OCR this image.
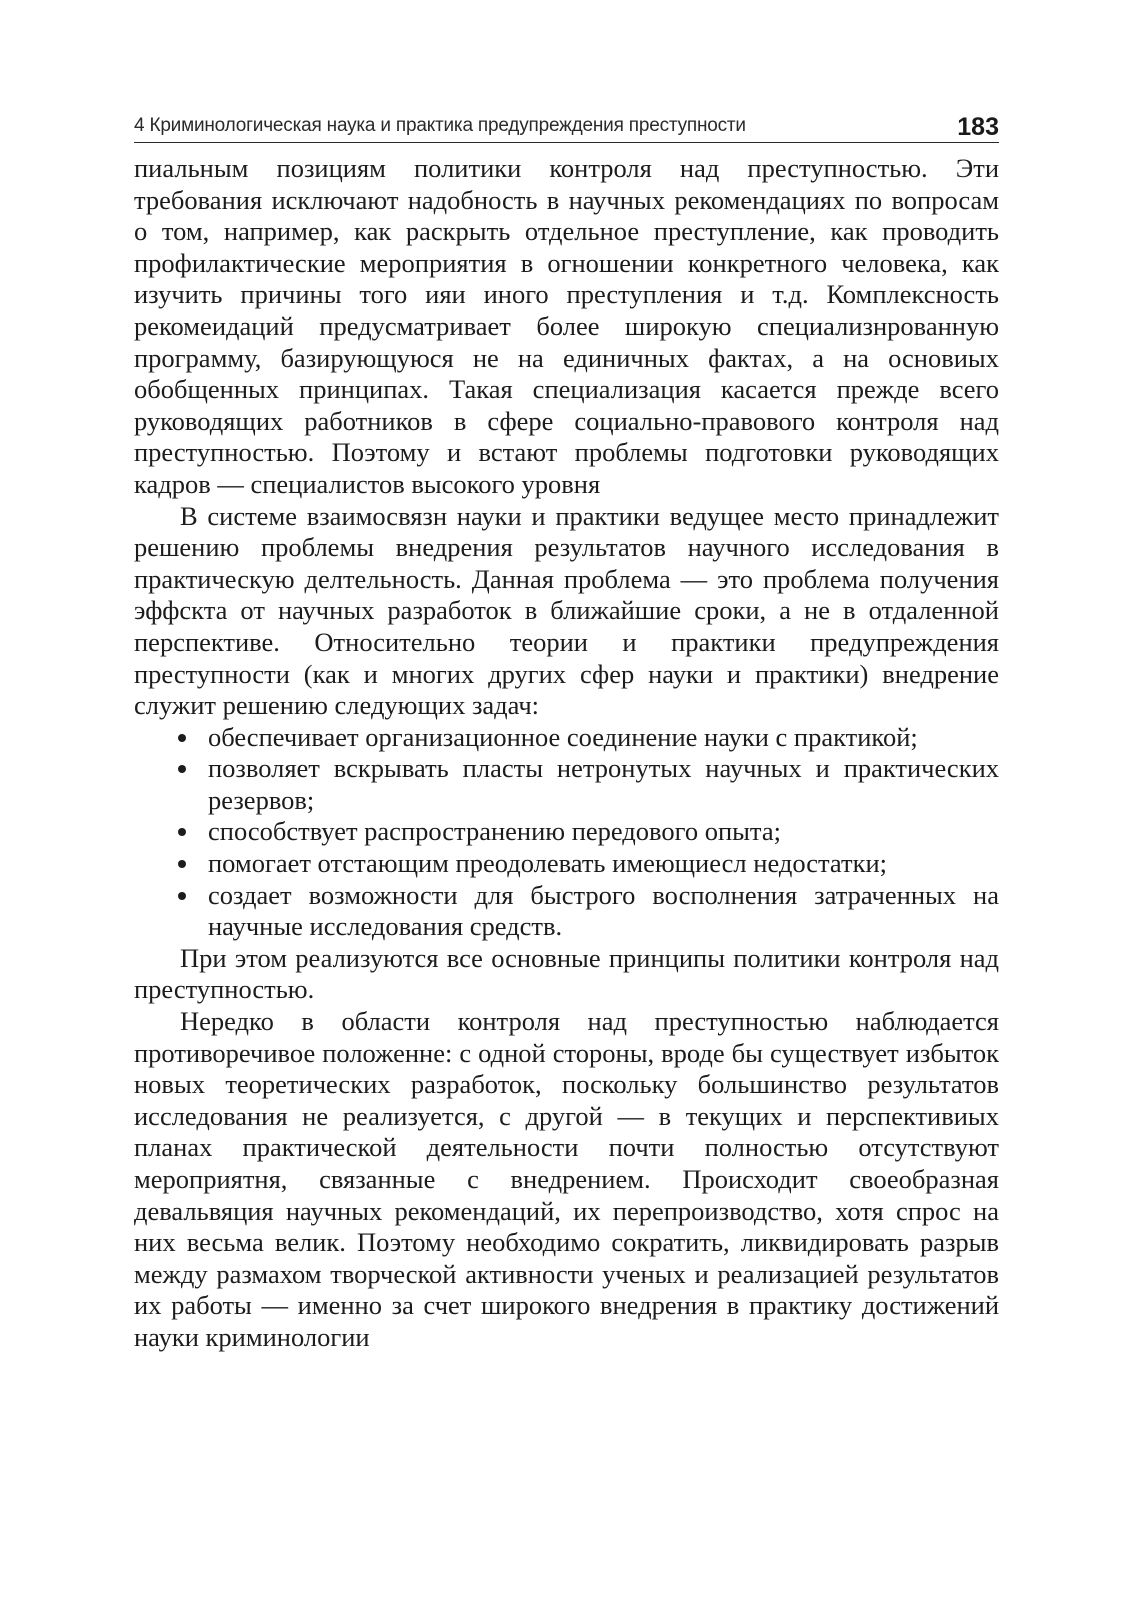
4 Криминологическая наука и практика предупреждения преступности	183

пиальным позициям политики контроля над преступностью. Эти требования исключают надобность в научных рекомендациях по вопросам о том, например, как раскрыть отдельное преступление, как проводить профилактические мероприятия в огношении конкретного человека, как изучить причины того ияи иного преступления и т.д. Комплексность рекомеидаций предусматривает более широкую специализнрованную программу, базирующуюся не на единичных фактах, а на основиых обобщенных принципах. Такая специализация касается прежде всего руководящих работников в сфере социально-правового контроля над преступностью. Поэтому и встают проблемы подготовки руководящих кадров — специалистов высокого уровня

В системе взаимосвязн науки и практики ведущее место принадлежит решению проблемы внедрения результатов научного исследования в практическую делтельность. Данная проблема — это проблема получения эффскта от научных разработок в ближайшие сроки, а не в отдаленной перспективе. Относительно теории и практики предупреждения преступности (как и многих других сфер науки и практики) внедрение служит решению следующих задач:

обеспечивает организационное соединение науки с практикой;
позволяет вскрывать пласты нетронутых научных и практических резервов;
способствует распространению передового опыта;
помогает отстающим преодолевать имеющиесл недостатки;
создает возможности для быстрого восполнения затраченных на научные исследования средств.

При этом реализуются все основные принципы политики контроля над преступностью.

Нередко в области контроля над преступностью наблюдается противоречивое положенне: с одной стороны, вроде бы существует избыток новых теоретических разработок, поскольку большинство результатов исследования не реализуется, с другой — в текущих и перспективиых планах практической деятельности почти полностью отсутствуют мероприятня, связанные с внедрением. Происходит своеобразная девальвяция научных рекомендаций, их перепроизводство, хотя спрос на них весьма велик. Поэтому необходимо сократить, ликвидировать разрыв между размахом творческой активности ученых и реализацией результатов их работы — именно за счет широкого внедрения в практику достижений науки криминологии
